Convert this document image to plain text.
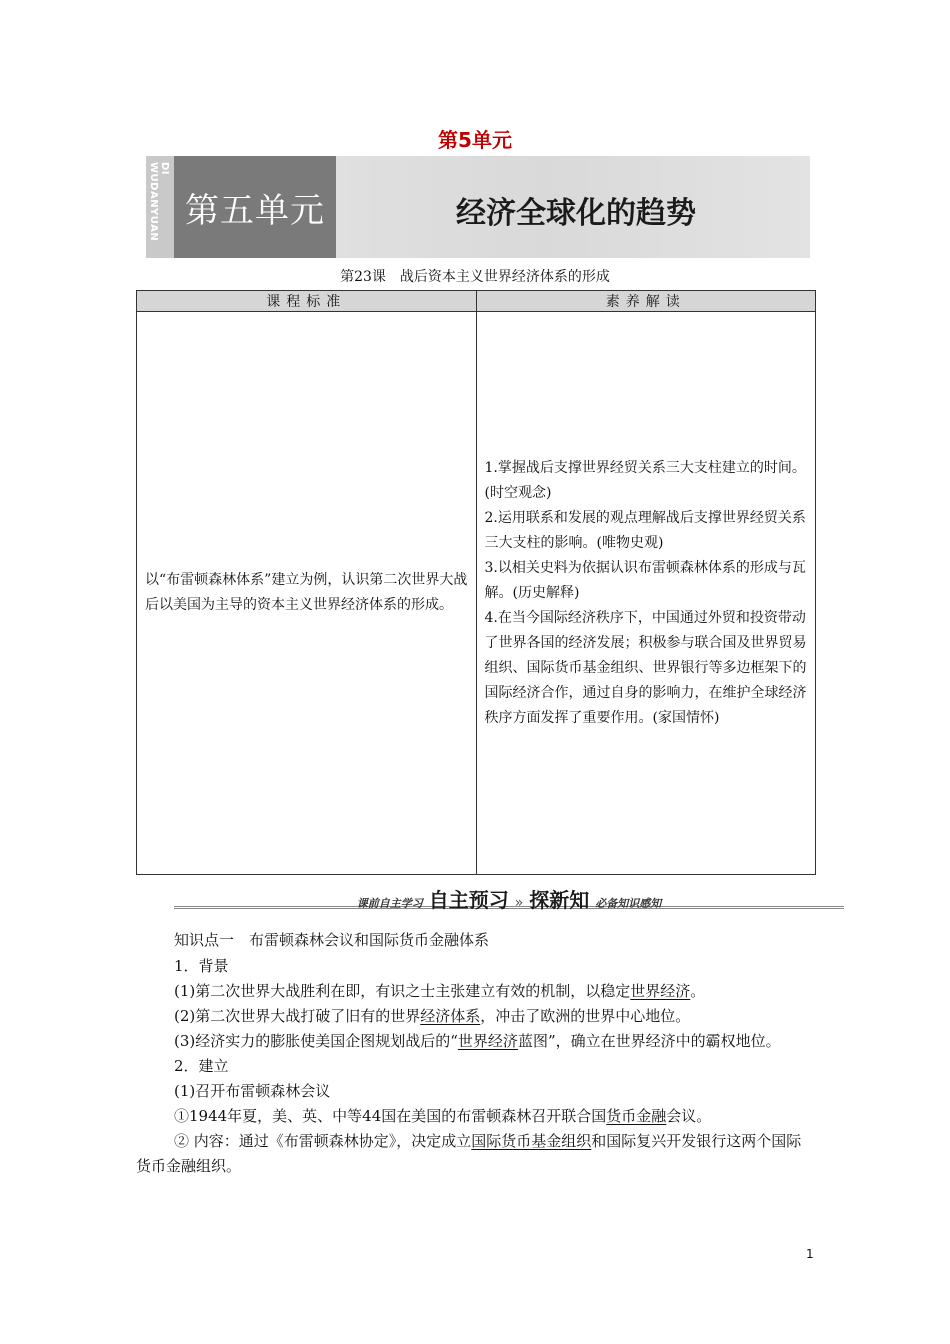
第5单元
DI WUDANYUAN 第五单元	经济全球化的趋势
第23课　战后资本主义世界经济体系的形成
课程标准	素养解读

以“布雷顿森林体系”建立为例，认识第二次世界大战后以美国为主导的资本主义世界经济体系的形成。	1.掌握战后支撑世界经贸关系三大支柱建立的时间。(时空观念)
2.运用联系和发展的观点理解战后支撑世界经贸关系三大支柱的影响。(唯物史观)
3.以相关史料为依据认识布雷顿森林体系的形成与瓦解。(历史解释)
4.在当今国际经济秩序下，中国通过外贸和投资带动了世界各国的经济发展；积极参与联合国及世界贸易组织、国际货币基金组织、世界银行等多边框架下的国际经济合作，通过自身的影响力，在维护全球经济秩序方面发挥了重要作用。(家国情怀)
课前自主学习 自主预习 » 探新知 必备知识感知

知识点一　布雷顿森林会议和国际货币金融体系

1．背景

(1)第二次世界大战胜利在即，有识之士主张建立有效的机制，以稳定世界经济。

(2)第二次世界大战打破了旧有的世界经济体系，冲击了欧洲的世界中心地位。

(3)经济实力的膨胀使美国企图规划战后的“世界经济蓝图”，确立在世界经济中的霸权地位。

2．建立

(1)召开布雷顿森林会议

①1944年夏，美、英、中等44国在美国的布雷顿森林召开联合国货币金融会议。

② 内容：通过《布雷顿森林协定》，决定成立国际货币基金组织和国际复兴开发银行这两个国际货币金融组织。

1
